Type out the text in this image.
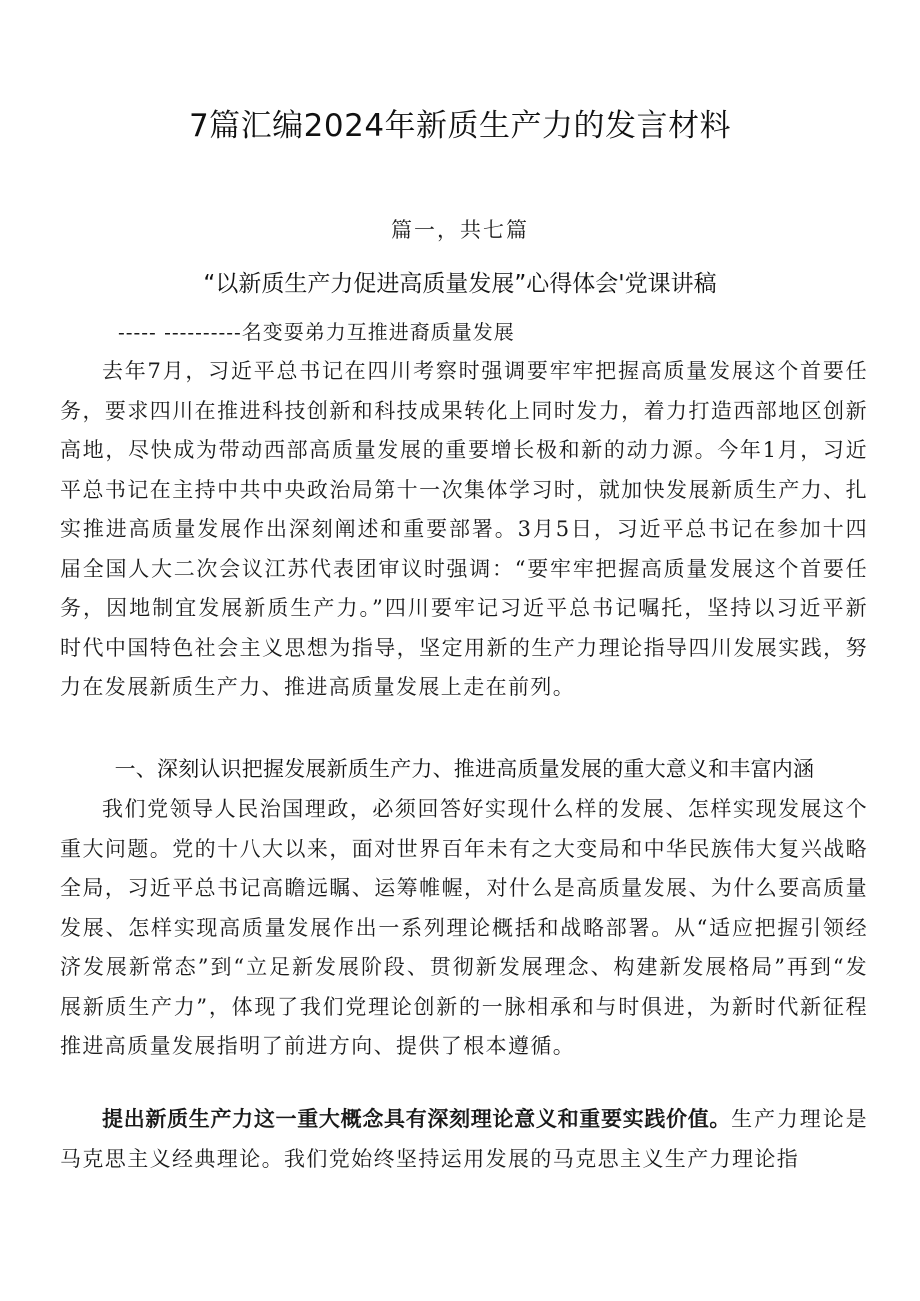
7篇汇编2024年新质生产力的发言材料
篇一，共七篇
“以新质生产力促进高质量发展”心得体会'党课讲稿
----- ----------名变耍弟力互推进裔质量发展
去年7月，习近平总书记在四川考察时强调要牢牢把握高质量发展这个首要任务，要求四川在推进科技创新和科技成果转化上同时发力，着力打造西部地区创新高地，尽快成为带动西部高质量发展的重要增长极和新的动力源。今年1月，习近平总书记在主持中共中央政治局第十一次集体学习时，就加快发展新质生产力、扎实推进高质量发展作出深刻阐述和重要部署。3月5日，习近平总书记在参加十四届全国人大二次会议江苏代表团审议时强调：“要牢牢把握高质量发展这个首要任务，因地制宜发展新质生产力。”四川要牢记习近平总书记嘱托，坚持以习近平新时代中国特色社会主义思想为指导，坚定用新的生产力理论指导四川发展实践，努力在发展新质生产力、推进高质量发展上走在前列。
一、深刻认识把握发展新质生产力、推进高质量发展的重大意义和丰富内涵
我们党领导人民治国理政，必须回答好实现什么样的发展、怎样实现发展这个重大问题。党的十八大以来，面对世界百年未有之大变局和中华民族伟大复兴战略全局，习近平总书记高瞻远瞩、运筹帷幄，对什么是高质量发展、为什么要高质量发展、怎样实现高质量发展作出一系列理论概括和战略部署。从“适应把握引领经济发展新常态”到“立足新发展阶段、贯彻新发展理念、构建新发展格局”再到“发展新质生产力”，体现了我们党理论创新的一脉相承和与时俱进，为新时代新征程推进高质量发展指明了前进方向、提供了根本遵循。
提出新质生产力这一重大概念具有深刻理论意义和重要实践价值。生产力理论是马克思主义经典理论。我们党始终坚持运用发展的马克思主义生产力理论指
